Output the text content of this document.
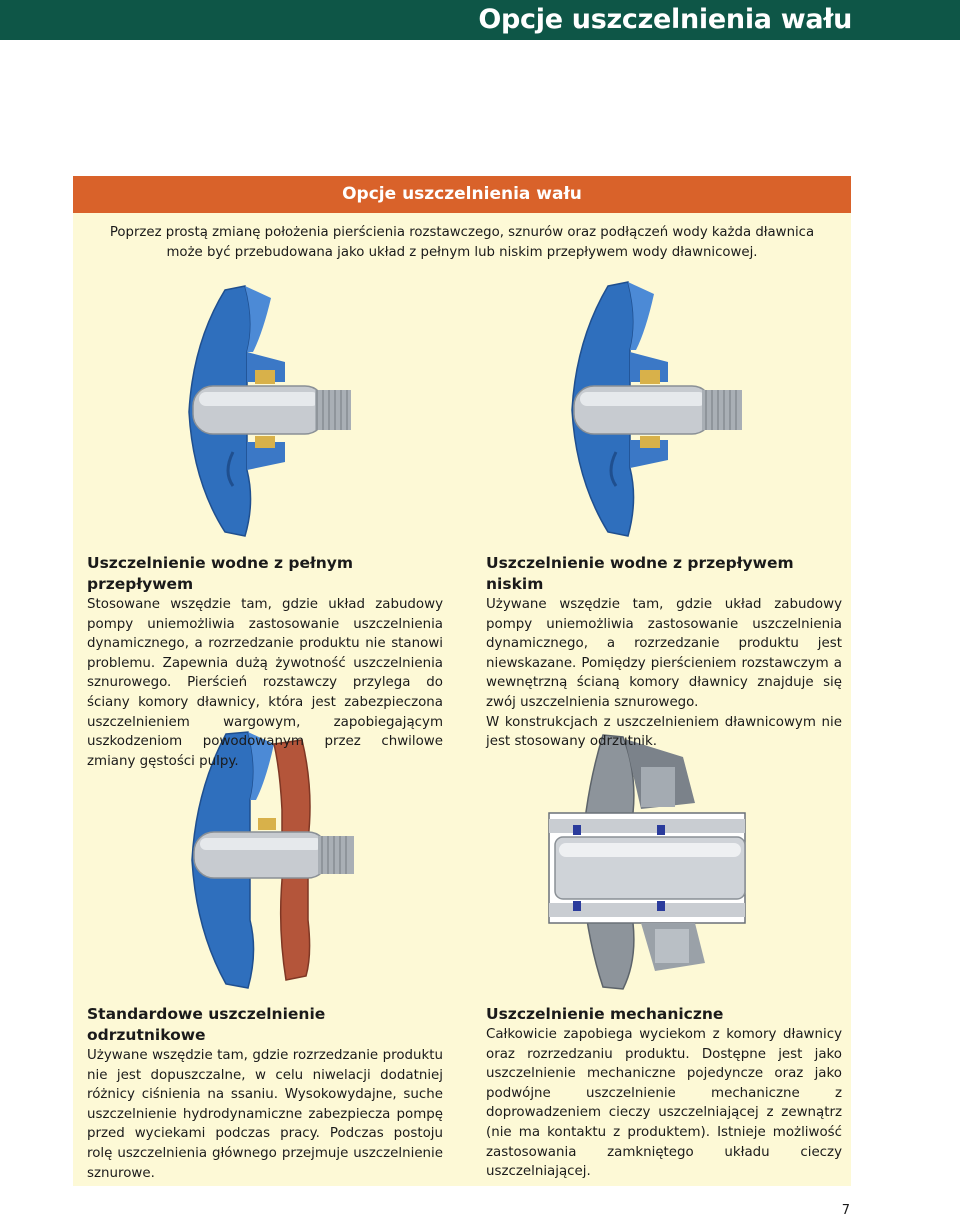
Opcje uszczelnienia wału
Opcje uszczelnienia wału
Poprzez prostą zmianę położenia pierścienia rozstawczego, sznurów oraz podłączeń wody każda dławnica
może być przebudowana jako układ z pełnym lub niskim przepływem wody dławnicowej.
Uszczelnienie wodne z pełnym przepływem

Stosowane wszędzie tam, gdzie układ zabudowy pompy uniemożliwia zastosowanie uszczelnienia dynamicznego, a rozrzedzanie produktu nie stanowi problemu. Zapewnia dużą żywotność uszczelnienia sznurowego. Pierścień rozstawczy przylega do ściany komory dławnicy, która jest zabezpieczona uszczelnieniem wargowym, zapobiegającym uszkodzeniom powodowanym przez chwilowe zmiany gęstości pulpy.

Uszczelnienie wodne z przepływem niskim

Używane wszędzie tam, gdzie układ zabudowy pompy uniemożliwia zastosowanie uszczelnienia dynamicznego, a rozrzedzanie produktu jest niewskazane. Pomiędzy pierścieniem rozstawczym a wewnętrzną ścianą komory dławnicy znajduje się zwój uszczelnienia sznurowego.

W konstrukcjach z uszczelnieniem dławnicowym nie jest stosowany odrzutnik.

Standardowe uszczelnienie odrzutnikowe

Używane wszędzie tam, gdzie rozrzedzanie produktu nie jest dopuszczalne, w celu niwelacji dodatniej różnicy ciśnienia na ssaniu. Wysokowydajne, suche uszczelnienie hydrodynamiczne zabezpiecza pompę przed wyciekami podczas pracy. Podczas postoju rolę uszczelnienia głównego przejmuje uszczelnienie sznurowe.

Uszczelnienie mechaniczne

Całkowicie zapobiega wyciekom z komory dławnicy oraz rozrzedzaniu produktu. Dostępne jest jako uszczelnienie mechaniczne pojedyncze oraz jako podwójne uszczelnienie mechaniczne z doprowadzeniem cieczy uszczelniającej z zewnątrz (nie ma kontaktu z produktem). Istnieje możliwość zastosowania zamkniętego układu cieczy uszczelniającej.

7
